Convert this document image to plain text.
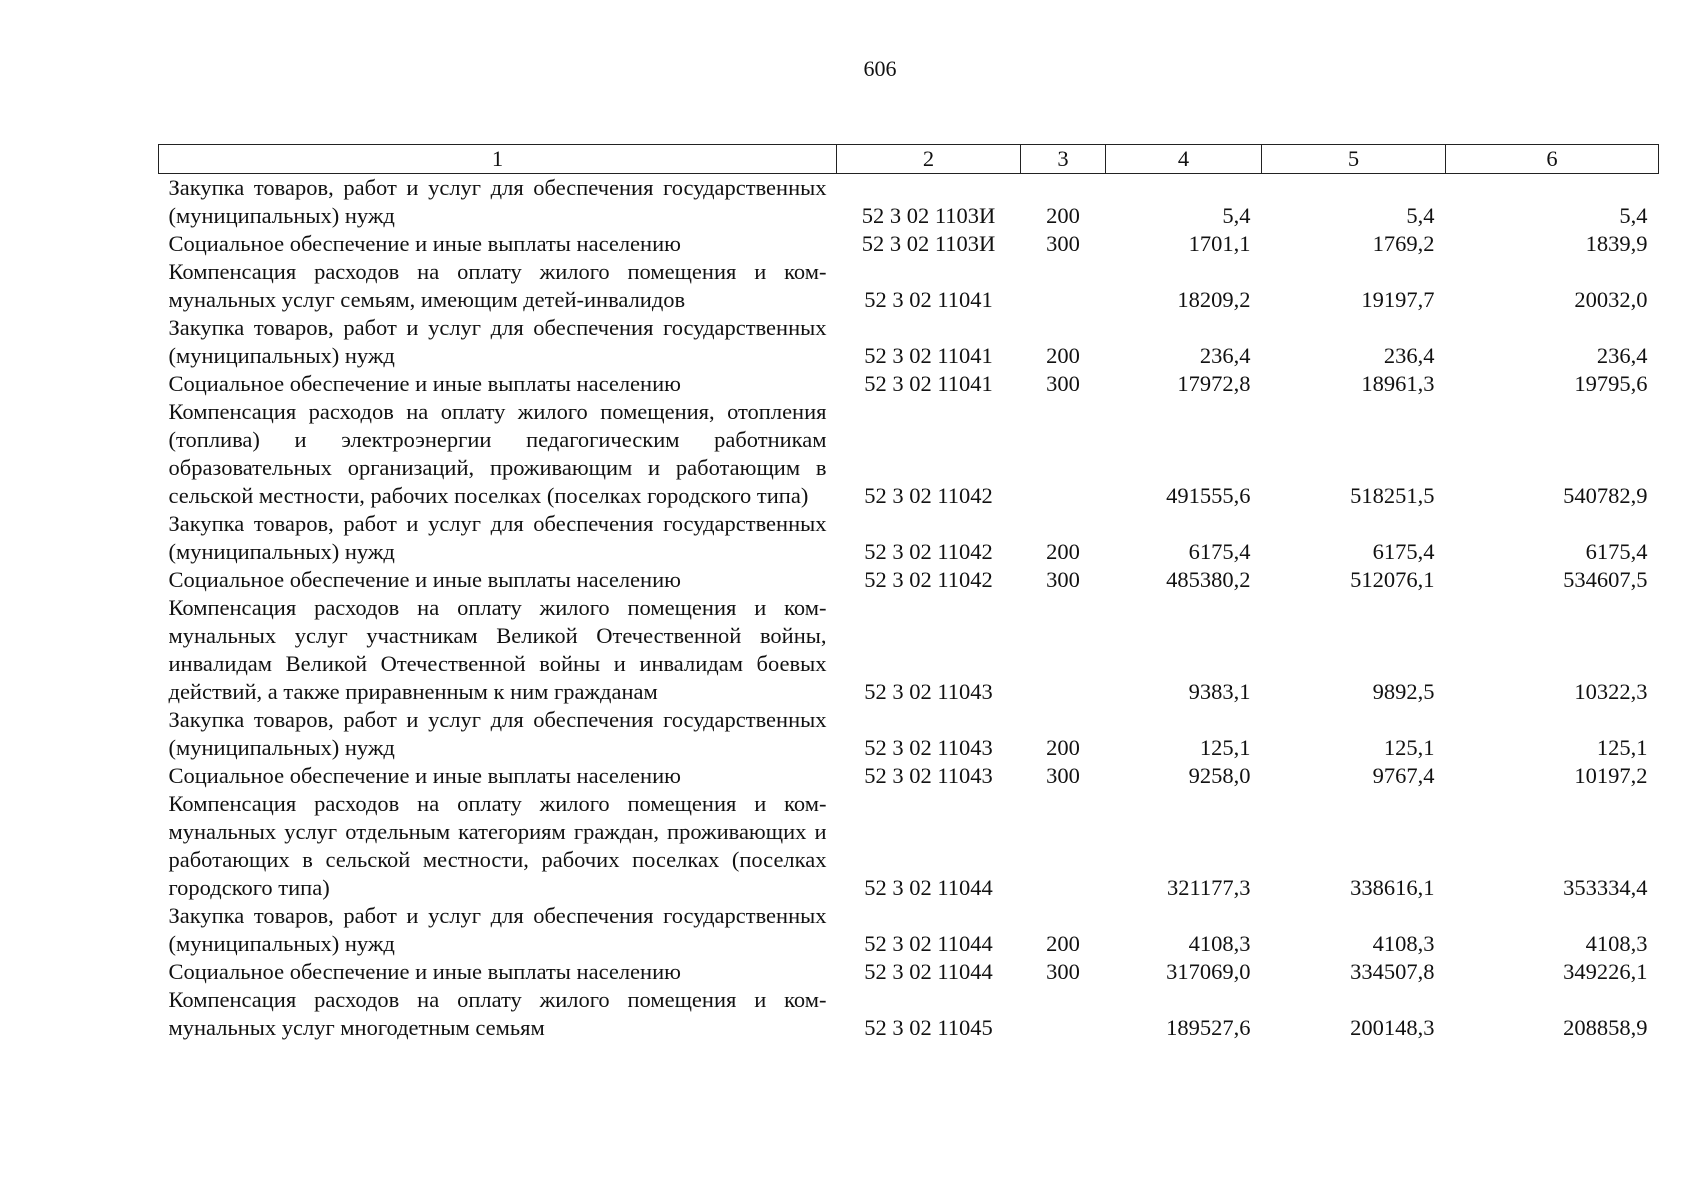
606
1	2	3	4	5	6
Закупка товаров, работ и услуг для обеспечения государственных (муниципальных) нужд	52 3 02 1103И	200	5,4	5,4	5,4
Социальное обеспечение и иные выплаты населению	52 3 02 1103И	300	1701,1	1769,2	1839,9
Компенсация расходов на оплату жилого помещения и коммунальных услуг семьям, имеющим детей-инвалидов	52 3 02 11041		18209,2	19197,7	20032,0
Закупка товаров, работ и услуг для обеспечения государственных (муниципальных) нужд	52 3 02 11041	200	236,4	236,4	236,4
Социальное обеспечение и иные выплаты населению	52 3 02 11041	300	17972,8	18961,3	19795,6
Компенсация расходов на оплату жилого помещения, отопления (топлива) и электроэнергии педагогическим работникам образовательных организаций, проживающим и работающим в сельской местности, рабочих поселках (поселках городского типа)	52 3 02 11042		491555,6	518251,5	540782,9
Закупка товаров, работ и услуг для обеспечения государственных (муниципальных) нужд	52 3 02 11042	200	6175,4	6175,4	6175,4
Социальное обеспечение и иные выплаты населению	52 3 02 11042	300	485380,2	512076,1	534607,5
Компенсация расходов на оплату жилого помещения и коммунальных услуг участникам Великой Отечественной войны, инвалидам Великой Отечественной войны и инвалидам боевых действий, а также приравненным к ним гражданам	52 3 02 11043		9383,1	9892,5	10322,3
Закупка товаров, работ и услуг для обеспечения государственных (муниципальных) нужд	52 3 02 11043	200	125,1	125,1	125,1
Социальное обеспечение и иные выплаты населению	52 3 02 11043	300	9258,0	9767,4	10197,2
Компенсация расходов на оплату жилого помещения и коммунальных услуг отдельным категориям граждан, проживающих и работающих в сельской местности, рабочих поселках (поселках городского типа)	52 3 02 11044		321177,3	338616,1	353334,4
Закупка товаров, работ и услуг для обеспечения государственных (муниципальных) нужд	52 3 02 11044	200	4108,3	4108,3	4108,3
Социальное обеспечение и иные выплаты населению	52 3 02 11044	300	317069,0	334507,8	349226,1
Компенсация расходов на оплату жилого помещения и коммунальных услуг многодетным семьям	52 3 02 11045		189527,6	200148,3	208858,9
